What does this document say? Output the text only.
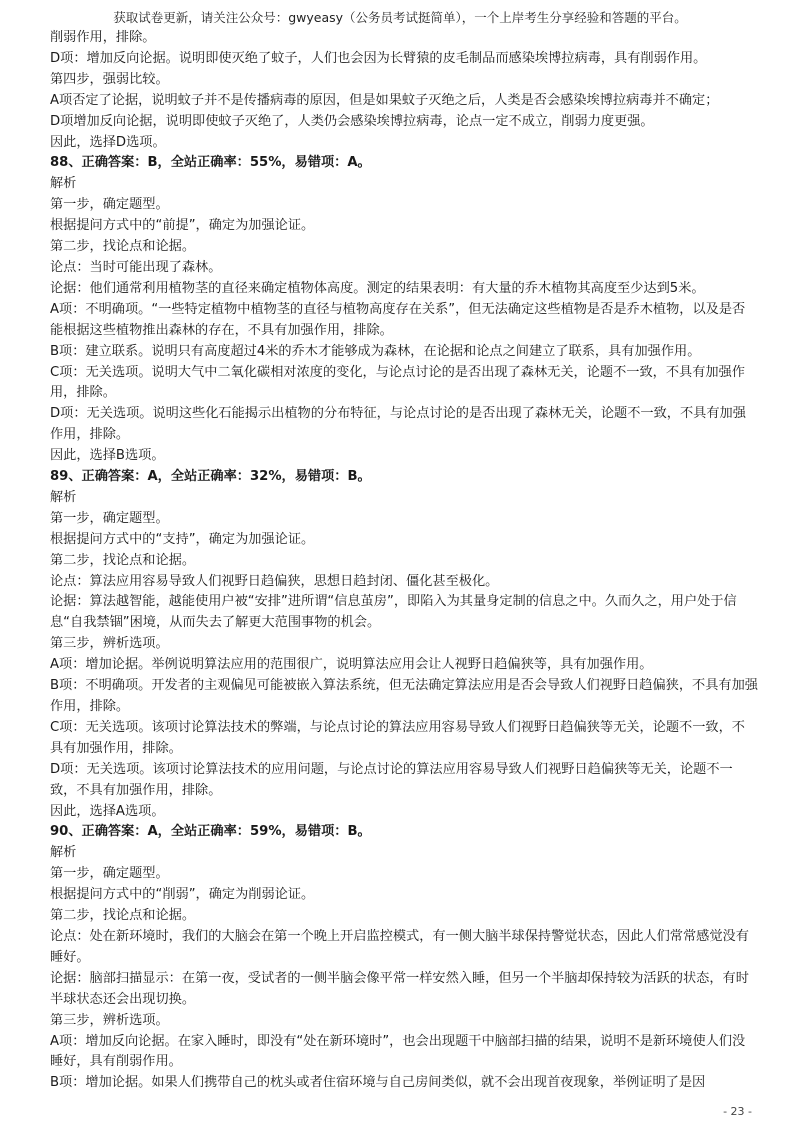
获取试卷更新，请关注公众号：gwyeasy（公务员考试挺简单），一个上岸考生分享经验和答题的平台。
削弱作用，排除。
D项：增加反向论据。说明即使灭绝了蚊子，人们也会因为长臂猿的皮毛制品而感染埃博拉病毒，具有削弱作用。
第四步，强弱比较。
A项否定了论据，说明蚊子并不是传播病毒的原因，但是如果蚊子灭绝之后，人类是否会感染埃博拉病毒并不确定；
D项增加反向论据，说明即使蚊子灭绝了，人类仍会感染埃博拉病毒，论点一定不成立，削弱力度更强。
因此，选择D选项。
88、正确答案：B，全站正确率：55%，易错项：A。
解析
第一步，确定题型。
根据提问方式中的“前提”，确定为加强论证。
第二步，找论点和论据。
论点：当时可能出现了森林。
论据：他们通常利用植物茎的直径来确定植物体高度。测定的结果表明：有大量的乔木植物其高度至少达到5米。
A项：不明确项。“一些特定植物中植物茎的直径与植物高度存在关系”，但无法确定这些植物是否是乔木植物，以及是否能根据这些植物推出森林的存在，不具有加强作用，排除。
B项：建立联系。说明只有高度超过4米的乔木才能够成为森林，在论据和论点之间建立了联系，具有加强作用。
C项：无关选项。说明大气中二氧化碳相对浓度的变化，与论点讨论的是否出现了森林无关，论题不一致，不具有加强作用，排除。
D项：无关选项。说明这些化石能揭示出植物的分布特征，与论点讨论的是否出现了森林无关，论题不一致，不具有加强作用，排除。
因此，选择B选项。
89、正确答案：A，全站正确率：32%，易错项：B。
解析
第一步，确定题型。
根据提问方式中的“支持”，确定为加强论证。
第二步，找论点和论据。
论点：算法应用容易导致人们视野日趋偏狭，思想日趋封闭、僵化甚至极化。
论据：算法越智能，越能使用户被“安排”进所谓“信息茧房”，即陷入为其量身定制的信息之中。久而久之，用户处于信息“自我禁锢”困境，从而失去了解更大范围事物的机会。
第三步，辨析选项。
A项：增加论据。举例说明算法应用的范围很广，说明算法应用会让人视野日趋偏狭等，具有加强作用。
B项：不明确项。开发者的主观偏见可能被嵌入算法系统，但无法确定算法应用是否会导致人们视野日趋偏狭，不具有加强作用，排除。
C项：无关选项。该项讨论算法技术的弊端，与论点讨论的算法应用容易导致人们视野日趋偏狭等无关，论题不一致，不具有加强作用，排除。
D项：无关选项。该项讨论算法技术的应用问题，与论点讨论的算法应用容易导致人们视野日趋偏狭等无关，论题不一致，不具有加强作用，排除。
因此，选择A选项。
90、正确答案：A，全站正确率：59%，易错项：B。
解析
第一步，确定题型。
根据提问方式中的“削弱”，确定为削弱论证。
第二步，找论点和论据。
论点：处在新环境时，我们的大脑会在第一个晚上开启监控模式，有一侧大脑半球保持警觉状态，因此人们常常感觉没有睡好。
论据：脑部扫描显示：在第一夜，受试者的一侧半脑会像平常一样安然入睡，但另一个半脑却保持较为活跃的状态，有时半球状态还会出现切换。
第三步，辨析选项。
A项：增加反向论据。在家入睡时，即没有“处在新环境时”，也会出现题干中脑部扫描的结果，说明不是新环境使人们没睡好，具有削弱作用。
B项：增加论据。如果人们携带自己的枕头或者住宿环境与自己房间类似，就不会出现首夜现象，举例证明了是因
- 23 -
